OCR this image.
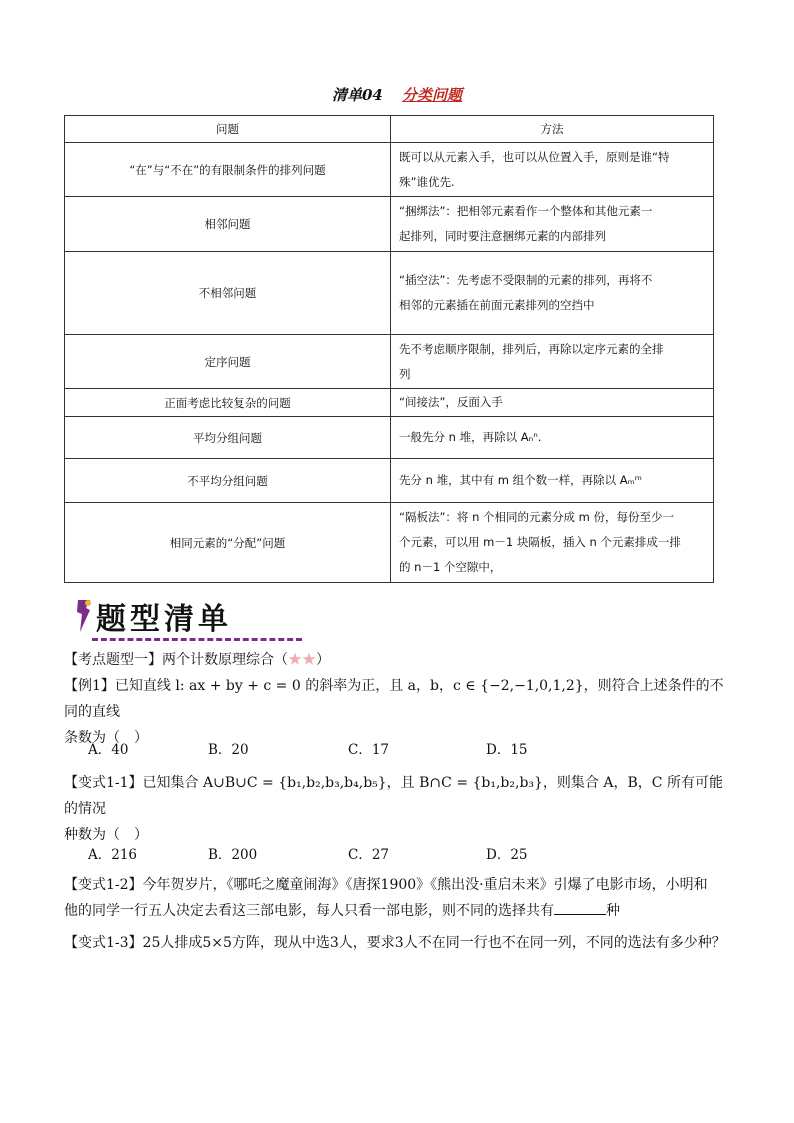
清单04 分类问题
问题	方法
“在”与“不在”的有限制条件的排列问题	既可以从元素入手，也可以从位置入手，原则是谁“特
殊”谁优先.

相邻问题	“捆绑法”：把相邻元素看作一个整体和其他元素一
起排列，同时要注意捆绑元素的内部排列

不相邻问题	“插空法”：先考虑不受限制的元素的排列，再将不
相邻的元素插在前面元素排列的空挡中

定序问题	先不考虑顺序限制，排列后，再除以定序元素的全排
列

正面考虑比较复杂的问题	“间接法”，反面入手

平均分组问题	一般先分 n 堆，再除以 Aₙⁿ.

不平均分组问题	先分 n 堆，其中有 m 组个数一样，再除以 Aₘᵐ

相同元素的“分配”问题	“隔板法”：将 n 个相同的元素分成 m 份，每份至少一
个元素，可以用 m－1 块隔板，插入 n 个元素排成一排
的 n－1 个空隙中，
题型清单
【考点题型一】两个计数原理综合（★★）
【例1】已知直线 l: ax + by + c = 0 的斜率为正，且 a，b，c ∈ {−2,−1,0,1,2}，则符合上述条件的不同的直线
条数为（　）
A．40	B．20	C．17	D．15
【变式1-1】已知集合 A∪B∪C = {b₁,b₂,b₃,b₄,b₅}，且 B∩C = {b₁,b₂,b₃}，则集合 A，B，C 所有可能的情况
种数为（　）
A．216	B．200	C．27	D．25
【变式1-2】今年贺岁片，《哪吒之魔童闹海》《唐探1900》《熊出没·重启未来》引爆了电影市场，小明和
他的同学一行五人决定去看这三部电影，每人只看一部电影，则不同的选择共有	种
【变式1-3】25人排成5×5方阵，现从中选3人，要求3人不在同一行也不在同一列，不同的选法有多少种？
